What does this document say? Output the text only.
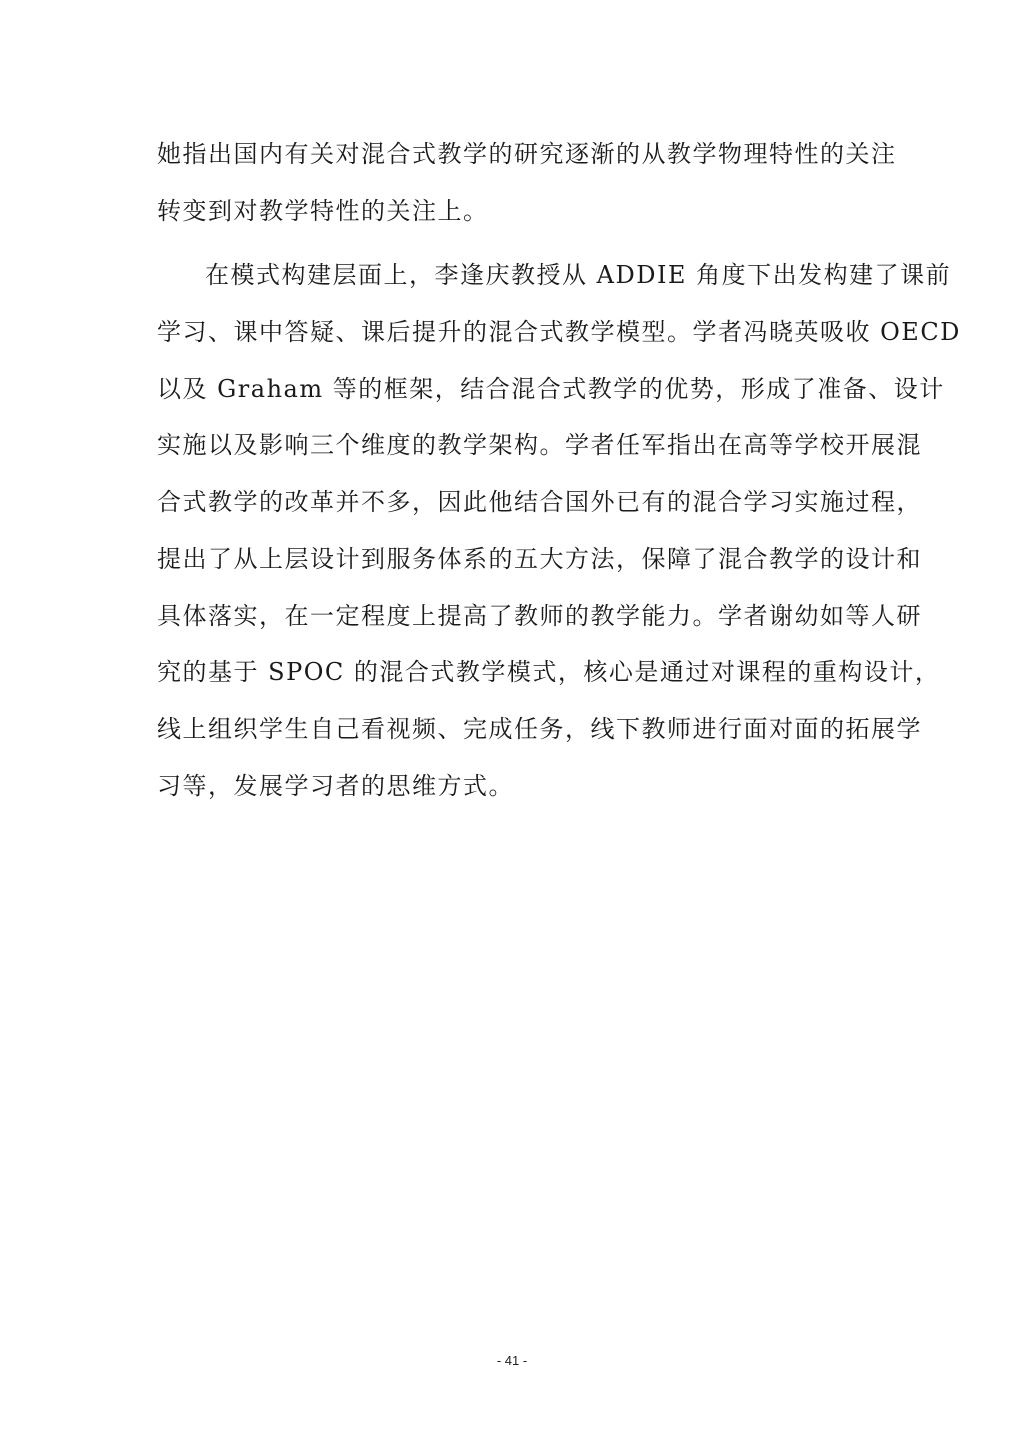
她指出国内有关对混合式教学的研究逐渐的从教学物理特性的关注
转变到对教学特性的关注上。
在模式构建层面上，李逢庆教授从 ADDIE 角度下出发构建了课前
学习、课中答疑、课后提升的混合式教学模型。学者冯晓英吸收 OECD
以及 Graham 等的框架，结合混合式教学的优势，形成了准备、设计
实施以及影响三个维度的教学架构。学者任军指出在高等学校开展混
合式教学的改革并不多，因此他结合国外已有的混合学习实施过程，
提出了从上层设计到服务体系的五大方法，保障了混合教学的设计和
具体落实，在一定程度上提高了教师的教学能力。学者谢幼如等人研
究的基于 SPOC 的混合式教学模式，核心是通过对课程的重构设计，
线上组织学生自己看视频、完成任务，线下教师进行面对面的拓展学
习等，发展学习者的思维方式。
- 41 -
